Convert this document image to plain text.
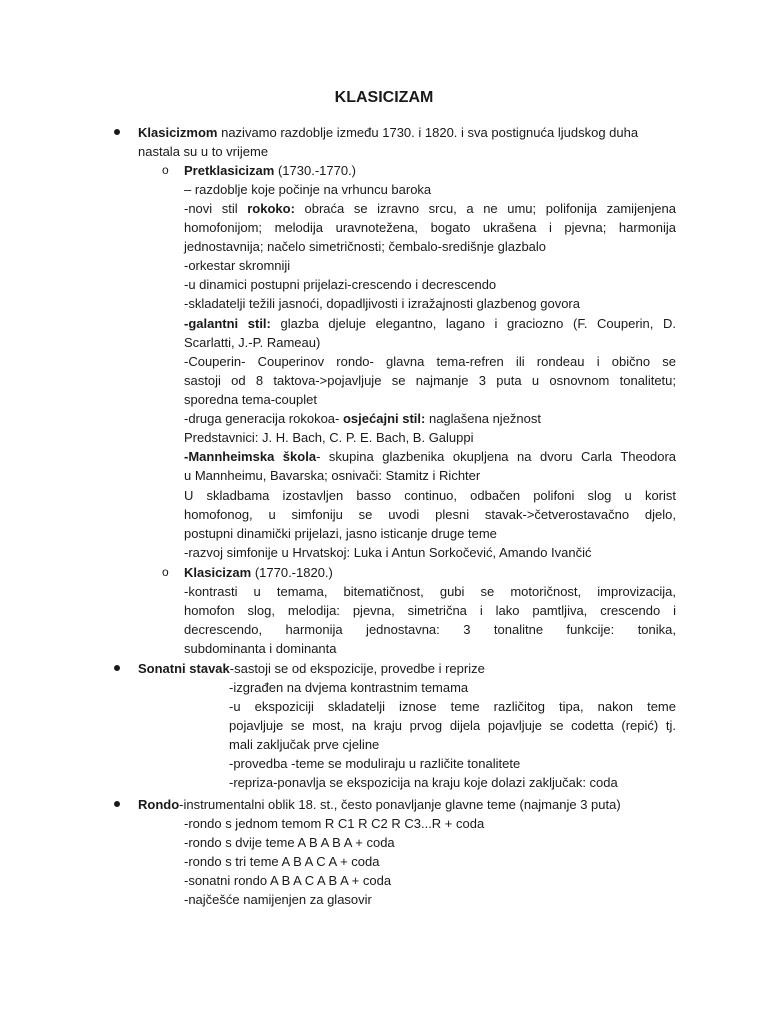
KLASICIZAM
Klasicizmom nazivamo razdoblje između 1730. i 1820. i sva postignuća ljudskog duha
nastala su u to vrijeme
o Pretklasicizam (1730.-1770.)
– razdoblje koje počinje na vrhuncu baroka
-novi stil rokoko: obraća se izravno srcu, a ne umu; polifonija zamijenjena
homofonijom; melodija uravnotežena, bogato ukrašena i pjevna; harmonija
jednostavnija; načelo simetričnosti; čembalo-središnje glazbalo
-orkestar skromniji
-u dinamici postupni prijelazi-crescendo i decrescendo
-skladatelji težili jasnoći, dopadljivosti i izražajnosti glazbenog govora
-galantni stil: glazba djeluje elegantno, lagano i graciozno (F. Couperin, D.
Scarlatti, J.-P. Rameau)
-Couperin- Couperinov rondo- glavna tema-refren ili rondeau i obično se
sastoji od 8 taktova->pojavljuje se najmanje 3 puta u osnovnom tonalitetu;
sporedna tema-couplet
-druga generacija rokokoa- osjećajni stil: naglašena nježnost
Predstavnici: J. H. Bach, C. P. E. Bach, B. Galuppi
-Mannheimska škola- skupina glazbenika okupljena na dvoru Carla Theodora
u Mannheimu, Bavarska; osnivači: Stamitz i Richter
U skladbama izostavljen basso continuo, odbačen polifoni slog u korist
homofonog, u simfoniju se uvodi plesni stavak->četverostavačno djelo,
postupni dinamički prijelazi, jasno isticanje druge teme
-razvoj simfonije u Hrvatskoj: Luka i Antun Sorkočević, Amando Ivančić
o Klasicizam (1770.-1820.)
-kontrasti u temama, bitematičnost, gubi se motoričnost, improvizacija,
homofon slog, melodija: pjevna, simetrična i lako pamtljiva, crescendo i
decrescendo, harmonija jednostavna: 3 tonalitne funkcije: tonika,
subdominanta i dominanta
Sonatni stavak-sastoji se od ekspozicije, provedbe i reprize
-izgrađen na dvjema kontrastnim temama
-u ekspoziciji skladatelji iznose teme različitog tipa, nakon teme
pojavljuje se most, na kraju prvog dijela pojavljuje se codetta (repić) tj.
mali zaključak prve cjeline
-provedba -teme se moduliraju u različite tonalitete
-repriza-ponavlja se ekspozicija na kraju koje dolazi zaključak: coda
Rondo-instrumentalni oblik 18. st., često ponavljanje glavne teme (najmanje 3 puta)
-rondo s jednom temom R C1 R C2 R C3...R + coda
-rondo s dvije teme A B A B A + coda
-rondo s tri teme A B A C A + coda
-sonatni rondo A B A C A B A + coda
-najčešće namijenjen za glasovir
